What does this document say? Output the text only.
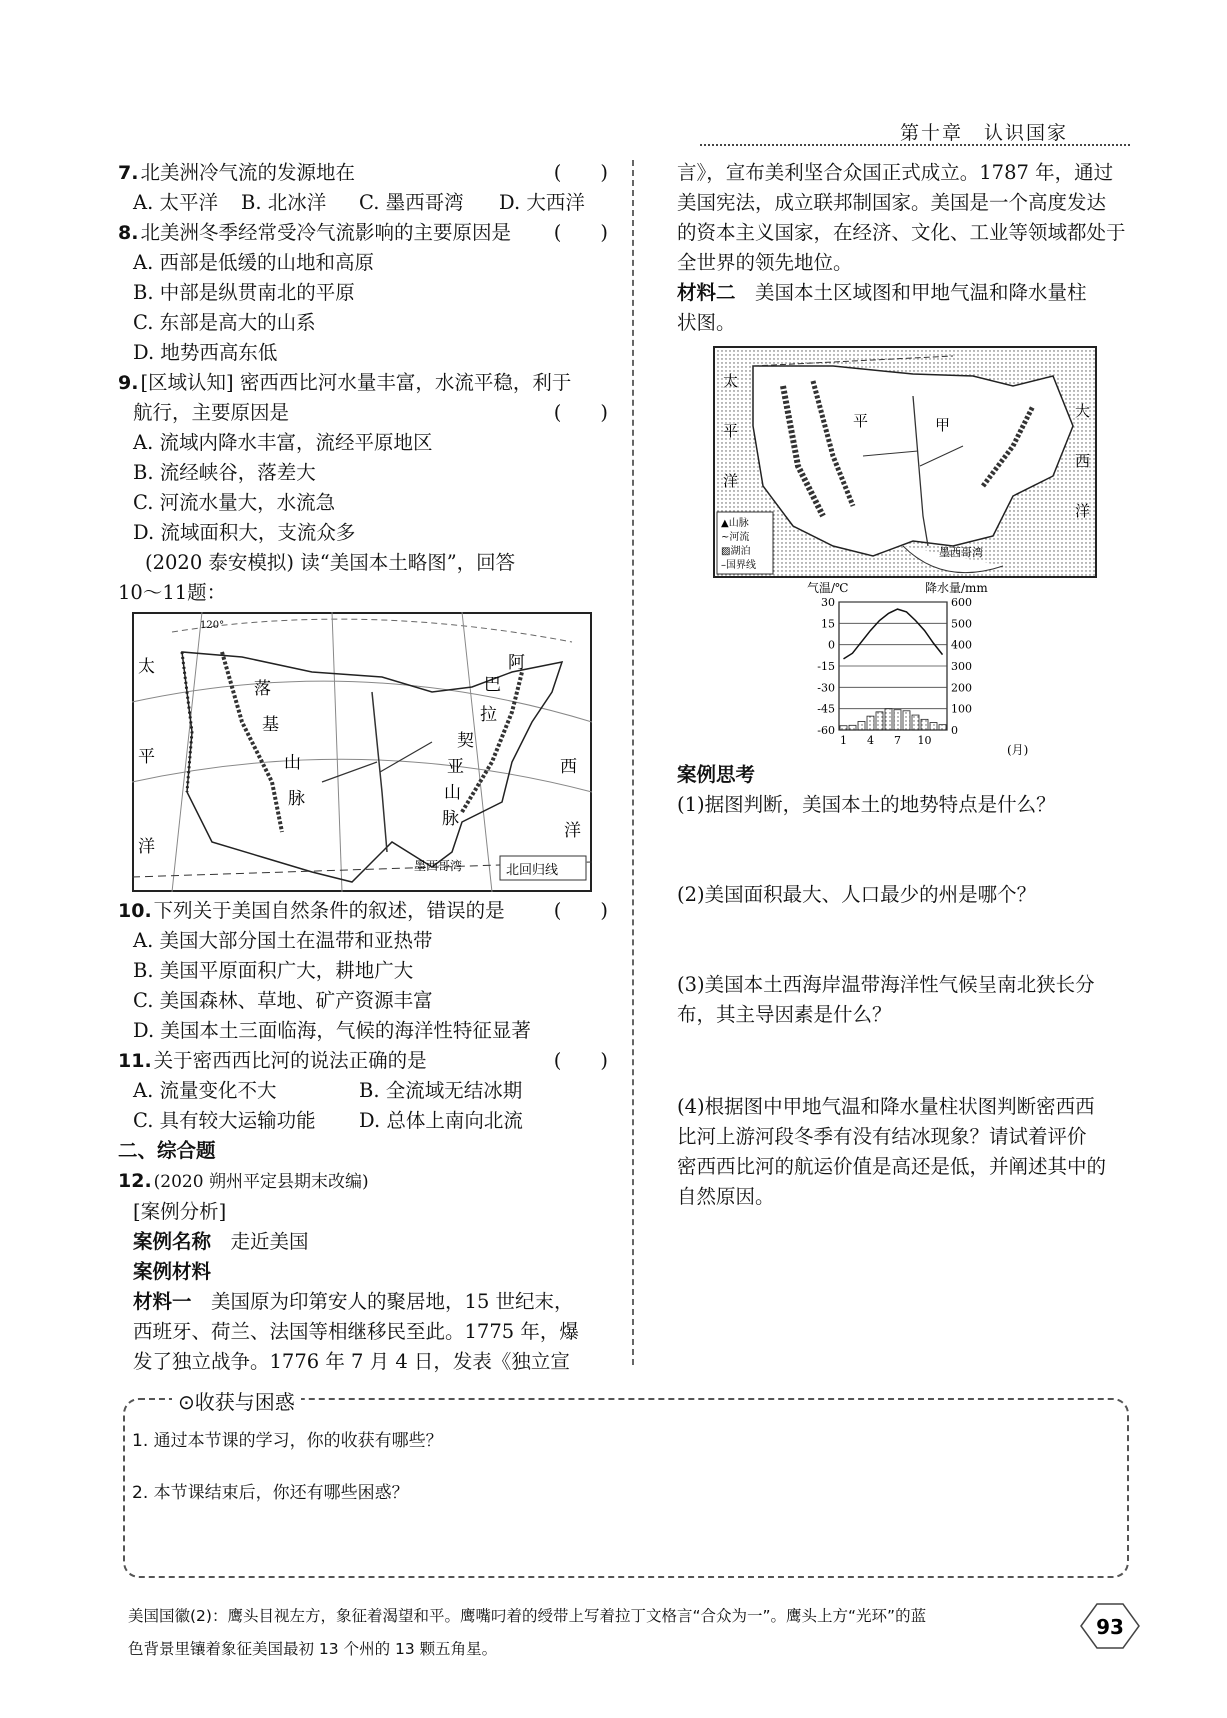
第十章　认识国家
7. 北美洲冷气流的发源地在	(　　)
A. 太平洋	B. 北冰洋	C. 墨西哥湾	D. 大西洋
8. 北美洲冬季经常受冷气流影响的主要原因是 (　　)
A. 西部是低缓的山地和高原
B. 中部是纵贯南北的平原
C. 东部是高大的山系
D. 地势西高东低
9. [区域认知] 密西西比河水量丰富，水流平稳，利于
航行，主要原因是	(　　)
A. 流域内降水丰富，流经平原地区
B. 流经峡谷，落差大
C. 河流水量大，水流急
D. 流域面积大，支流众多
(2020 泰安模拟) 读“美国本土略图”，回答
10～11题：
120°
太
平
洋
落
基
山
脉
阿
巴
拉
契
亚
山
脉
西
洋
墨西哥湾	北回归线
10. 下列关于美国自然条件的叙述，错误的是	(　　)
A. 美国大部分国土在温带和亚热带
B. 美国平原面积广大，耕地广大
C. 美国森林、草地、矿产资源丰富
D. 美国本土三面临海，气候的海洋性特征显著
11. 关于密西西比河的说法正确的是	(　　)
A. 流量变化不大	B. 全流域无结冰期
C. 具有较大运输功能	D. 总体上南向北流
二、综合题
12. (2020 朔州平定县期末改编)
[案例分析]
案例名称　 走近美国
案例材料
材料一　 美国原为印第安人的聚居地，15 世纪末，
西班牙、荷兰、法国等相继移民至此。1775 年，爆
发了独立战争。1776 年 7 月 4 日，发表《独立宣
言》，宣布美利坚合众国正式成立。1787 年，通过
美国宪法，成立联邦制国家。美国是一个高度发达
的资本主义国家，在经济、文化、工业等领域都处于
全世界的领先地位。
材料二　 美国本土区域图和甲地气温和降水量柱
状图。
太
平
洋
平	甲
大
西
洋
墨西哥湾
▲山脉
~河流
▨湖泊
–国界线
气温/℃	降水量/mm
30
15
0
-15
-30
-45
-60
600
500
400
300
200
100
0
1 4 7 10
(月)
案例思考
(1)据图判断，美国本土的地势特点是什么？
(2)美国面积最大、人口最少的州是哪个？
(3)美国本土西海岸温带海洋性气候呈南北狭长分
布，其主导因素是什么？
(4)根据图中甲地气温和降水量柱状图判断密西西
比河上游河段冬季有没有结冰现象？请试着评价
密西西比河的航运价值是高还是低，并阐述其中的
自然原因。
⊙收获与困惑
1. 通过本节课的学习，你的收获有哪些？
2. 本节课结束后，你还有哪些困惑？
美国国徽(2)：鹰头目视左方，象征着渴望和平。鹰嘴叼着的绶带上写着拉丁文格言“合众为一”。鹰头上方“光环”的蓝
色背景里镶着象征美国最初 13 个州的 13 颗五角星。
93
